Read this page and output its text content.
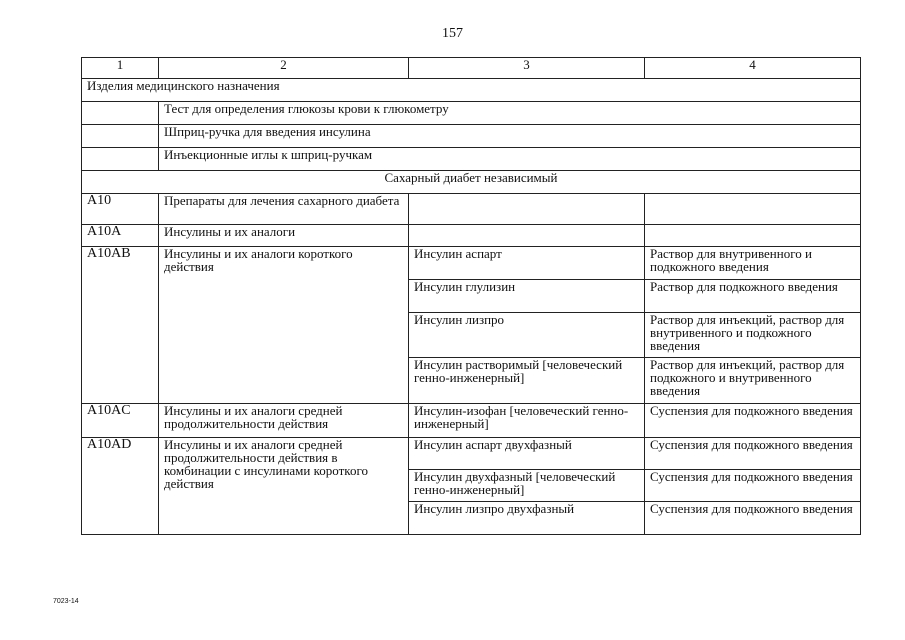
157
1	2	3	4
Изделия медицинского назначения			
	Тест для определения глюкозы крови к глюкометру		
	Шприц-ручка для введения инсулина		
	Инъекционные иглы к шприц-ручкам		
Сахарный диабет независимый			
A10	Препараты для лечения сахарного диабета		
A10A	Инсулины и их аналоги		
A10AB	Инсулины и их аналоги короткого действия	Инсулин аспарт	Раствор для внутривенного и подкожного введения
		Инсулин глулизин	Раствор для подкожного введения
		Инсулин лизпро	Раствор для инъекций, раствор для внутривенного и подкожного введения
		Инсулин растворимый [человеческий генно-инженерный]	Раствор для инъекций, раствор для подкожного и внутривенного введения
A10AC	Инсулины и их аналоги средней продолжительности действия	Инсулин-изофан [человеческий генно-инженерный]	Суспензия для подкожного введения
A10AD	Инсулины и их аналоги средней продолжительности действия в комбинации с инсулинами короткого действия	Инсулин аспарт двухфазный	Суспензия для подкожного введения
		Инсулин двухфазный [человеческий генно-инженерный]	Суспензия для подкожного введения
		Инсулин лизпро двухфазный	Суспензия для подкожного введения
7023-14
